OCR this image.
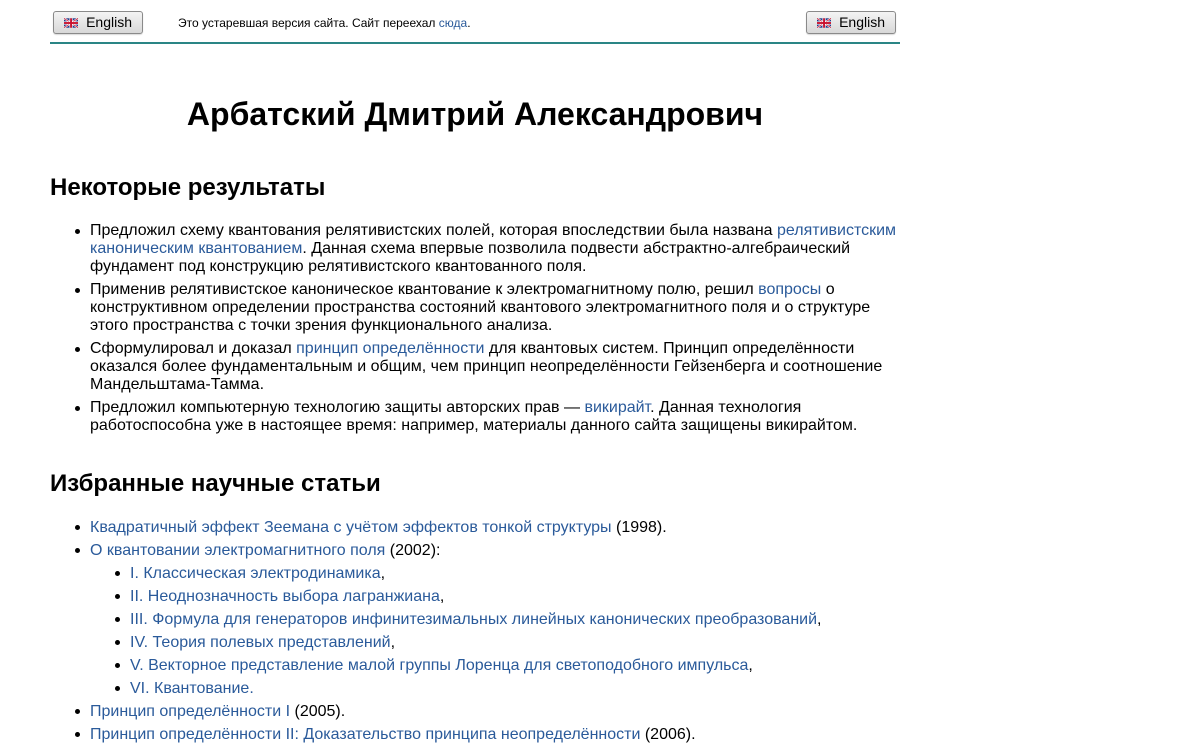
English	Это устаревшая версия сайта. Сайт переехал сюда.	English
Арбатский Дмитрий Александрович
Некоторые результаты
Предложил схему квантования релятивистских полей, которая впоследствии была названа релятивистским каноническим квантованием. Данная схема впервые позволила подвести абстрактно-алгебраический фундамент под конструкцию релятивистского квантованного поля.
Применив релятивистское каноническое квантование к электромагнитному полю, решил вопросы о конструктивном определении пространства состояний квантового электромагнитного поля и о структуре этого пространства с точки зрения функционального анализа.
Сформулировал и доказал принцип определённости для квантовых систем. Принцип определённости оказался более фундаментальным и общим, чем принцип неопределённости Гейзенберга и соотношение Мандельштама-Тамма.
Предложил компьютерную технологию защиты авторских прав — викирайт. Данная технология работоспособна уже в настоящее время: например, материалы данного сайта защищены викирайтом.
Избранные научные статьи
Квадратичный эффект Зеемана с учётом эффектов тонкой структуры (1998).
О квантовании электромагнитного поля (2002):
I. Классическая электродинамика,
II. Неоднозначность выбора лагранжиана,
III. Формула для генераторов инфинитезимальных линейных канонических преобразований,
IV. Теория полевых представлений,
V. Векторное представление малой группы Лоренца для светоподобного импульса,
VI. Квантование.
Принцип определённости I (2005).
Принцип определённости II: Доказательство принципа неопределённости (2006).
